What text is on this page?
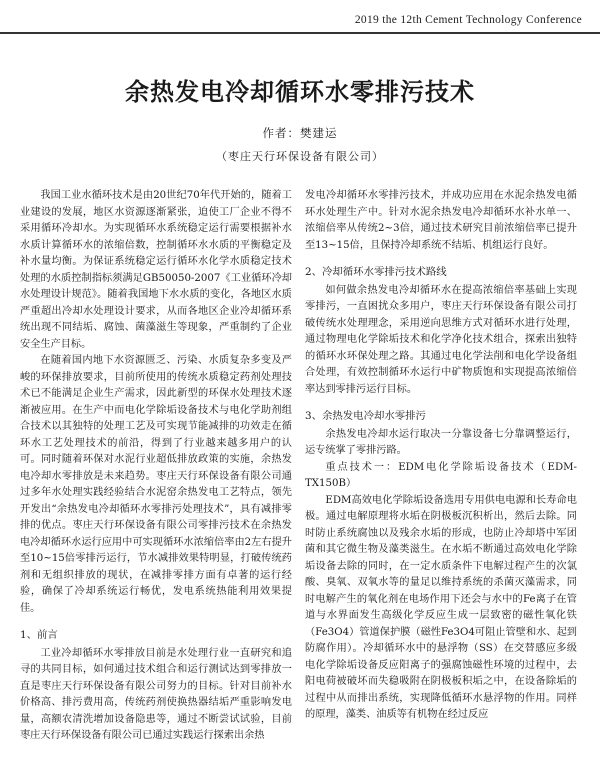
2019 the 12th Cement Technology Conference
余热发电冷却循环水零排污技术
作者：樊建运
（枣庄天行环保设备有限公司）

我国工业水循环技术是由20世纪70年代开始的，随着工业建设的发展，地区水资源逐渐紧张，迫使工厂企业不得不采用循环冷却水。为实现循环水系统稳定运行需要根据补水水质计算循环水的浓缩倍数，控制循环水水质的平衡稳定及补水量均衡。为保证系统稳定运行循环水化学水质稳定技术处理的水质控制指标须满足GB50050-2007《工业循环冷却水处理设计规范》。随着我国地下水水质的变化，各地区水质严重超出冷却水处理设计要求，从而各地区企业冷却循环系统出现不同结垢、腐蚀、菌藻滋生等现象，严重制约了企业安全生产目标。

在随着国内地下水资源匮乏、污染、水质复杂多变及严峻的环保排放要求，目前所使用的传统水质稳定药剂处理技术已不能满足企业生产需求，因此新型的环保水处理技术逐渐被应用。在生产中而电化学除垢设备技术与电化学助剂组合技术以其独特的处理工艺及可实现节能减排的功效走在循环水工艺处理技术的前沿，得到了行业越来越多用户的认可。同时随着环保对水泥行业超低排放政策的实施，余热发电冷却水零排放是未来趋势。枣庄天行环保设备有限公司通过多年水处理实践经验结合水泥窑余热发电工艺特点，领先开发出“余热发电冷却循环水零排污处理技术”，具有减排零排的优点。枣庄天行环保设备有限公司零排污技术在余热发电冷却循环水运行应用中可实现循环水浓缩倍率由2左右提升至10~15倍零排污运行，节水减排效果特明显，打破传统药剂和无组织排放的现状，在减排零排方面有卓著的运行经验，确保了冷却系统运行畅优，发电系统热能利用效果提佳。

1、前言

工业冷却循环水零排放目前是水处理行业一直研究和追寻的共同目标，如何通过技术组合和运行测试达到零排放一直是枣庄天行环保设备有限公司努力的目标。针对目前补水价格高、排污费用高，传统药剂使换热器结垢严重影响发电量，高额农清洗增加设备隐患等，通过不断尝试试验，目前枣庄天行环保设备有限公司已通过实践运行探索出余热

发电冷却循环水零排污技术，并成功应用在水泥余热发电循环水处理生产中。针对水泥余热发电冷却循环水补水单一、浓缩倍率从传统2~3倍，通过技术研究目前浓缩倍率已提升至13~15倍，且保持冷却系统不结垢、机组运行良好。

2、冷却循环水零排污技术路线

如何做余热发电冷却循环水在提高浓缩倍率基础上实现零排污，一直困扰众多用户，枣庄天行环保设备有限公司打破传统水处理理念，采用逆向思维方式对循环水进行处理，通过物理电化学除垢技术和化学净化技术组合，探索出独特的循环水环保处理之路。其通过电化学法削和电化学设备组合处理，有效控制循环水运行中矿物质饱和实现提高浓缩倍率达到零排污运行目标。

3、余热发电冷却水零排污

余热发电冷却水运行取决一分靠设备七分靠调整运行，运专统掌了零排污路。

重点技术一：EDM电化学除垢设备技术（EDM-TX150B）

EDM高效电化学除垢设备选用专用供电电源和长寿命电极。通过电解原理将水垢在阴极板沉积析出，然后去除。同时防止系统腐蚀以及残余水垢的形成，也防止冷却塔中军团菌和其它微生物及藻类滋生。在水垢不断通过高效电化学除垢设备去除的同时，在一定水质条件下电解过程产生的次氯酸、臭氧、双氧水等的量足以维持系统的杀菌灭藻需求，同时电解产生的氧化剂在电场作用下还会与水中的Fe离子在管道与水界面发生高级化学反应生成一层致密的磁性氧化铁（Fe3O4）管道保护膜（磁性Fe3O4可阻止管壁和水、起到防腐作用）。冷却循环水中的悬浮物（SS）在交替感应多级电化学除垢设备反应阳离子的强腐蚀磁性环境的过程中，去阳电荷被破坏而失稳吸附在阴极板积垢之中，在设备除垢的过程中从而排出系统，实现降低循环水悬浮物的作用。同样的原理，藻类、油质等有机物在经过反应
